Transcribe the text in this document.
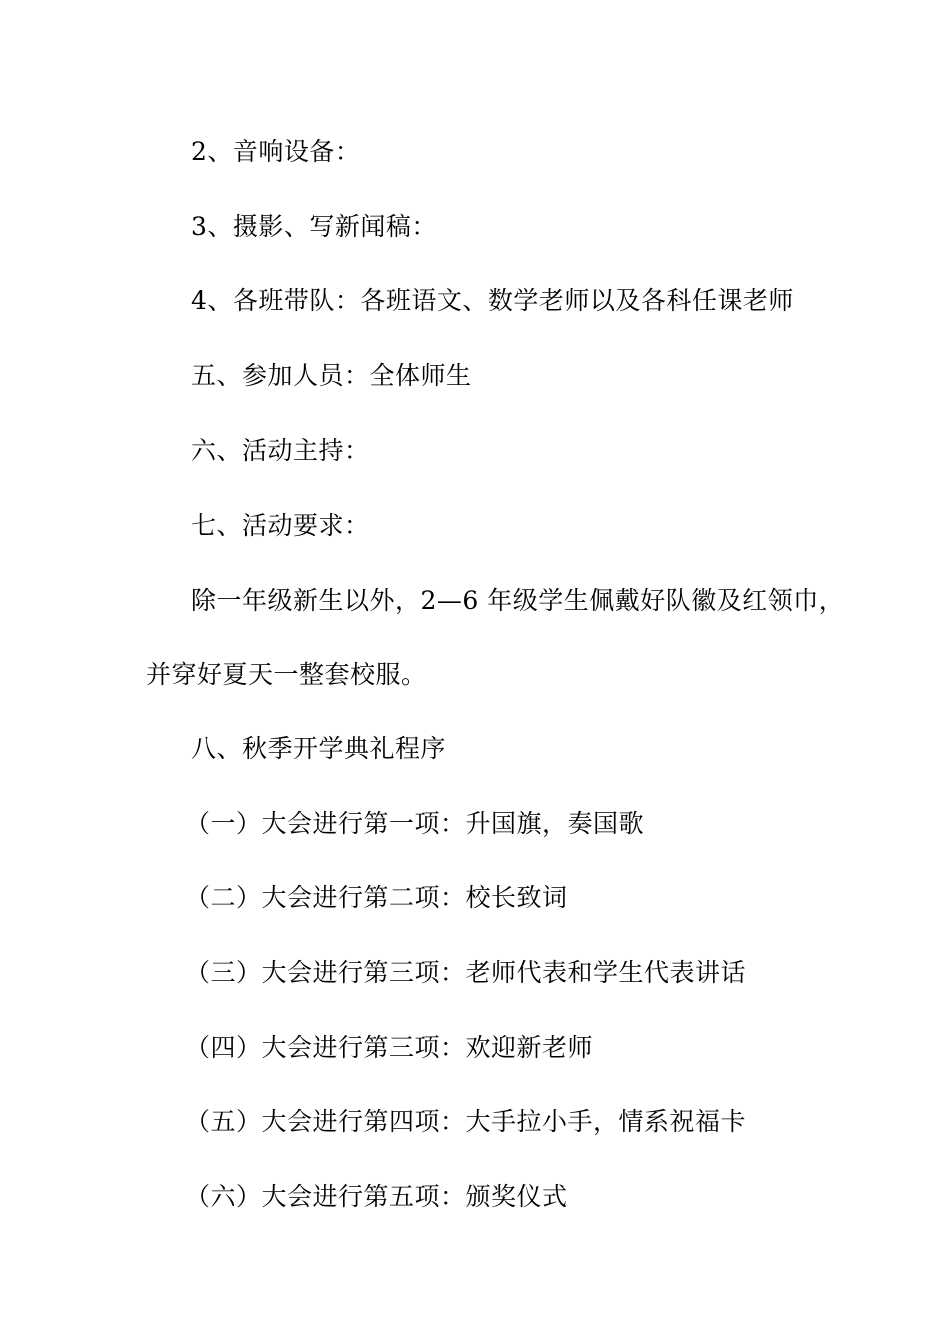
2、音响设备：
3、摄影、写新闻稿：
4、各班带队：各班语文、数学老师以及各科任课老师
五、参加人员：全体师生
六、活动主持：
七、活动要求：
除一年级新生以外，2—6 年级学生佩戴好队徽及红领巾，
并穿好夏天一整套校服。
八、秋季开学典礼程序
（一）大会进行第一项：升国旗，奏国歌
（二）大会进行第二项：校长致词
（三）大会进行第三项：老师代表和学生代表讲话
（四）大会进行第三项：欢迎新老师
（五）大会进行第四项：大手拉小手，情系祝福卡
（六）大会进行第五项：颁奖仪式
